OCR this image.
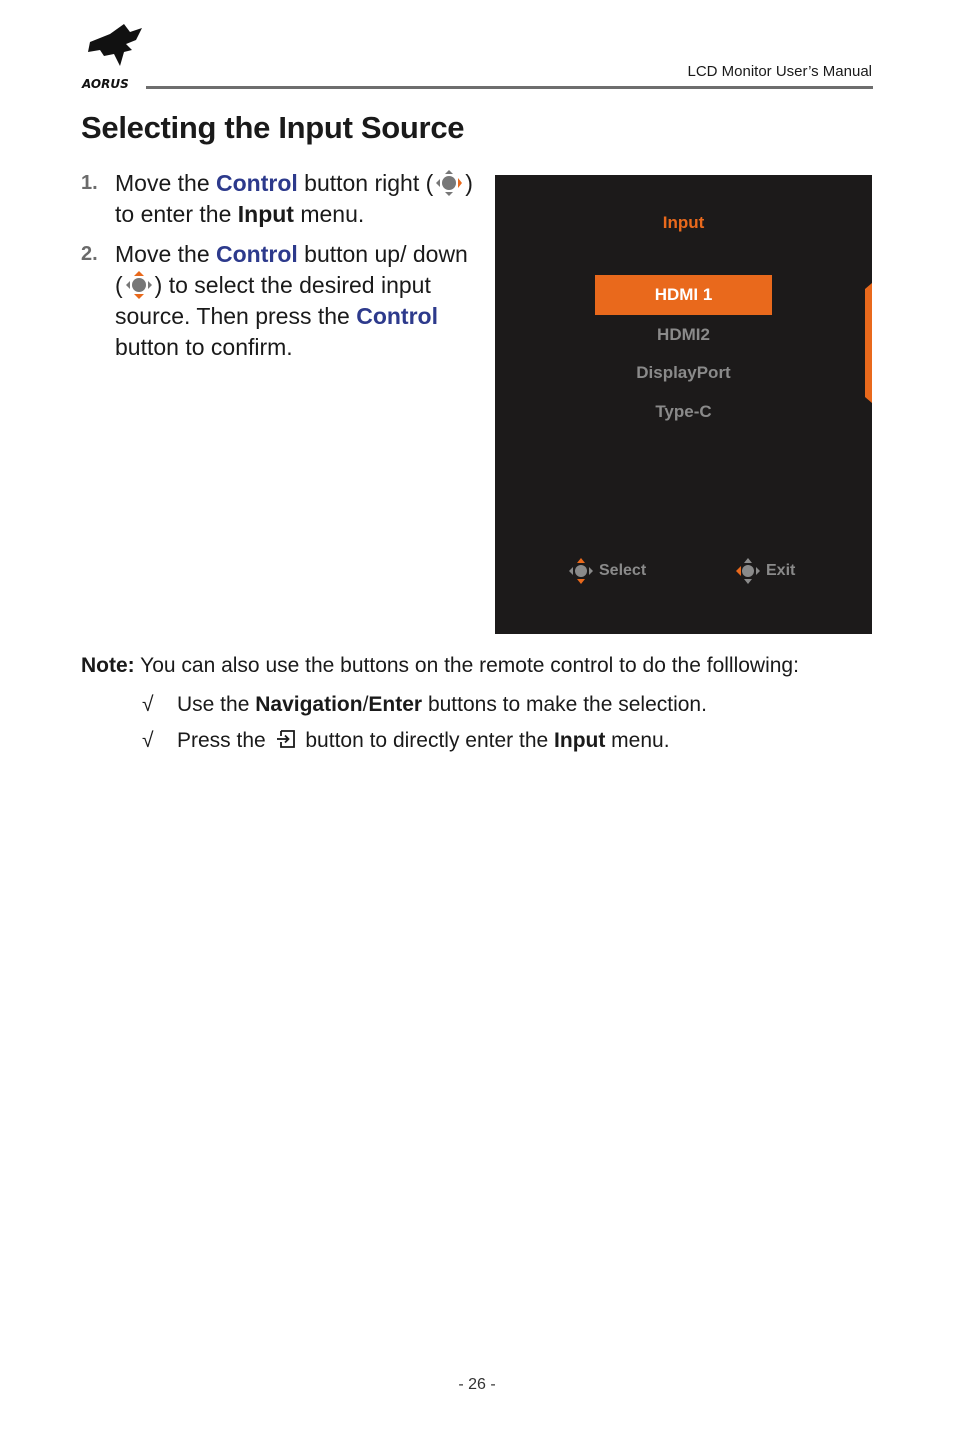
AORUS
LCD Monitor User’s Manual
Selecting the Input Source
1. Move the Control button right ( ) to enter the Input menu.
2. Move the Control button up/ down ( ) to select the desired input source. Then press the Control button to confirm.
Input
HDMI 1
HDMI2
DisplayPort
Type-C
Select	Exit
Note: You can also use the buttons on the remote control to do the folllowing:
√ Use the Navigation/Enter buttons to make the selection.
√ Press the  button to directly enter the Input menu.
- 26 -
